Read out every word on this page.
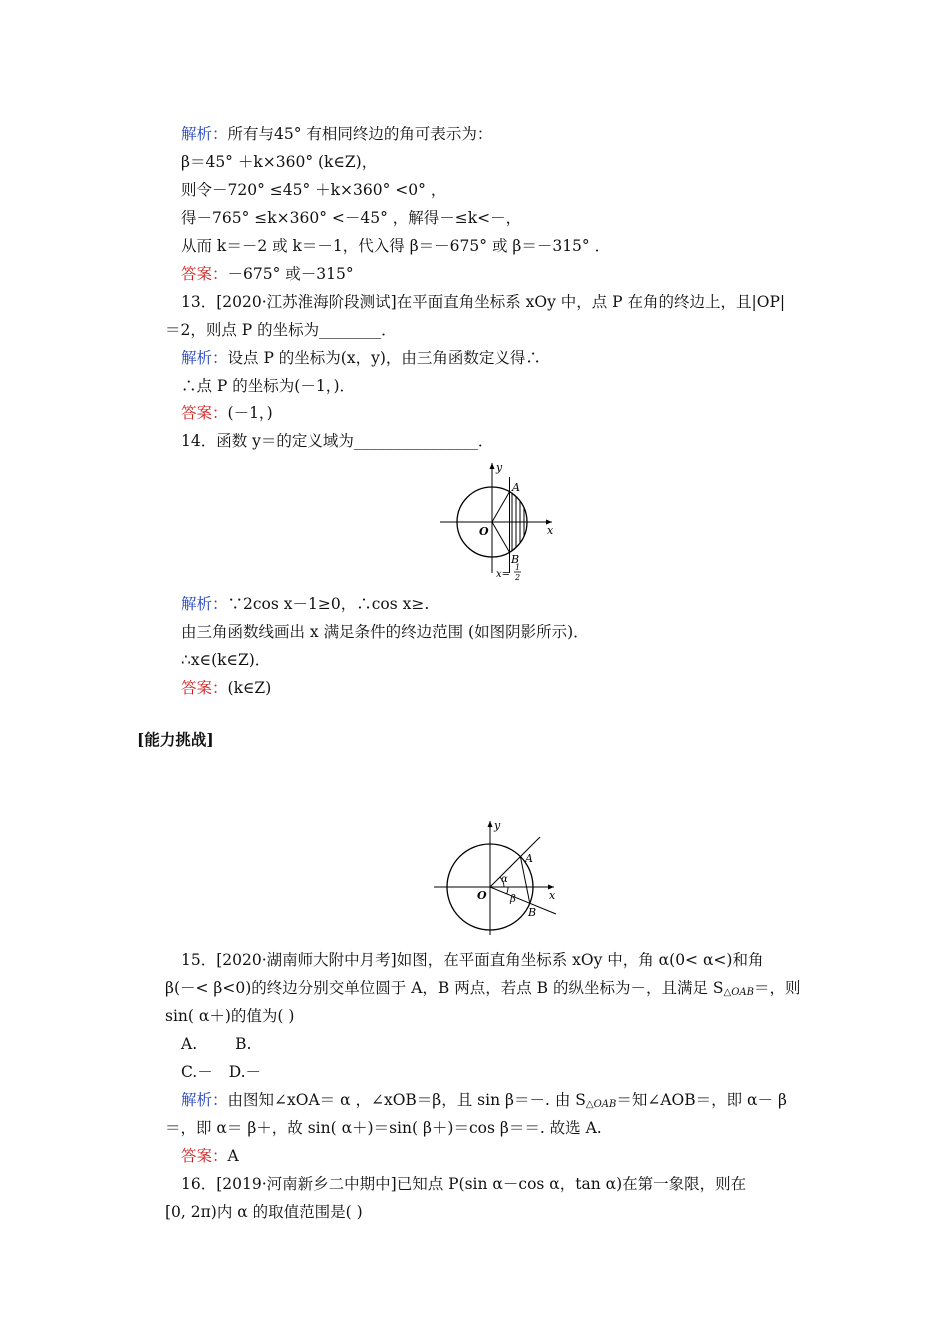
解析：所有与45° 有相同终边的角可表示为：
β＝45° ＋k×360° (k∈Z)，
则令－720° ≤45° ＋k×360° <0° ，
得－765° ≤k×360° <－45° ，解得－≤k<－，
从而 k＝－2 或 k＝－1，代入得 β＝－675° 或 β＝－315° ．
答案：－675° 或－315°
13．[2020·江苏淮海阶段测试]在平面直角坐标系 xOy 中，点 P 在角的终边上，且|OP|
＝2，则点 P 的坐标为________．
解析：设点 P 的坐标为(x，y)，由三角函数定义得∴
∴点 P 的坐标为(－1，)．
答案：(－1，)
14．函数 y＝的定义域为________________．
y
x
O
A
B
x=
1
2
解析：∵2cos x－1≥0，∴cos x≥.
由三角函数线画出 x 满足条件的终边范围 (如图阴影所示)．
∴x∈(k∈Z)．
答案：(k∈Z)
[能力挑战]
y
x
O
A
B
α
β
15．[2020·湖南师大附中月考]如图，在平面直角坐标系 xOy 中，角 α(0< α<)和角
β(－< β<0)的终边分别交单位圆于 A，B 两点，若点 B 的纵坐标为－，且满足 $S_{\triangle OAB}=$，则
sin( α＋)的值为( )
A. B.
C.－ D.－
解析：由图知∠xOA＝ α ，∠xOB＝β，且 sin β＝－. 由 $S_{\triangle OAB}=$知∠AOB＝，即 α－ β
＝，即 α＝ β＋，故 sin( α＋)＝sin( β＋)＝cos β＝＝. 故选 A.
答案：A
16．[2019·河南新乡二中期中]已知点 P(sin α－cos α，tan α)在第一象限，则在
[0, 2π)内 α 的取值范围是( )
